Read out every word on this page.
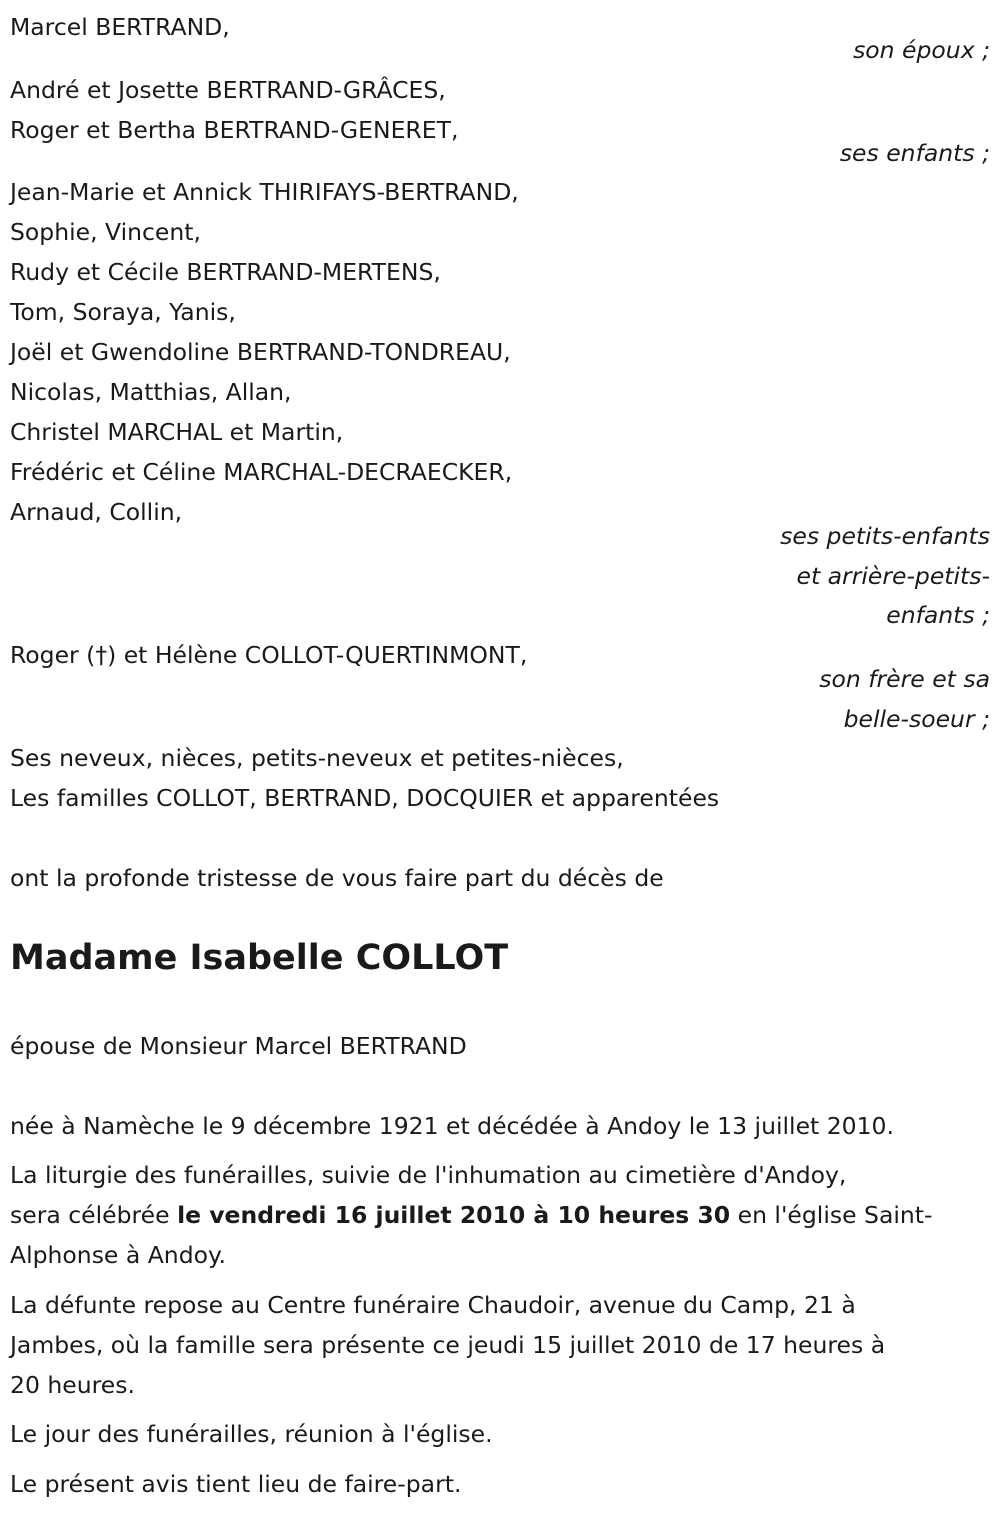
Marcel BERTRAND,
son époux ;
André et Josette BERTRAND-GRÂCES,
Roger et Bertha BERTRAND-GENERET,
ses enfants ;
Jean-Marie et Annick THIRIFAYS-BERTRAND,
Sophie, Vincent,
Rudy et Cécile BERTRAND-MERTENS,
Tom, Soraya, Yanis,
Joël et Gwendoline BERTRAND-TONDREAU,
Nicolas, Matthias, Allan,
Christel MARCHAL et Martin,
Frédéric et Céline MARCHAL-DECRAECKER,
Arnaud, Collin,
ses petits-enfants
et arrière-petits-
enfants ;
Roger (†) et Hélène COLLOT-QUERTINMONT,
son frère et sa
belle-soeur ;
Ses neveux, nièces, petits-neveux et petites-nièces,
Les familles COLLOT, BERTRAND, DOCQUIER et apparentées
ont la profonde tristesse de vous faire part du décès de
Madame Isabelle COLLOT
épouse de Monsieur Marcel BERTRAND
née à Namèche le 9 décembre 1921 et décédée à Andoy le 13 juillet 2010.
La liturgie des funérailles, suivie de l'inhumation au cimetière d'Andoy,
sera célébrée le vendredi 16 juillet 2010 à 10 heures 30 en l'église Saint-
Alphonse à Andoy.
La défunte repose au Centre funéraire Chaudoir, avenue du Camp, 21 à
Jambes, où la famille sera présente ce jeudi 15 juillet 2010 de 17 heures à
20 heures.
Le jour des funérailles, réunion à l'église.
Le présent avis tient lieu de faire-part.
